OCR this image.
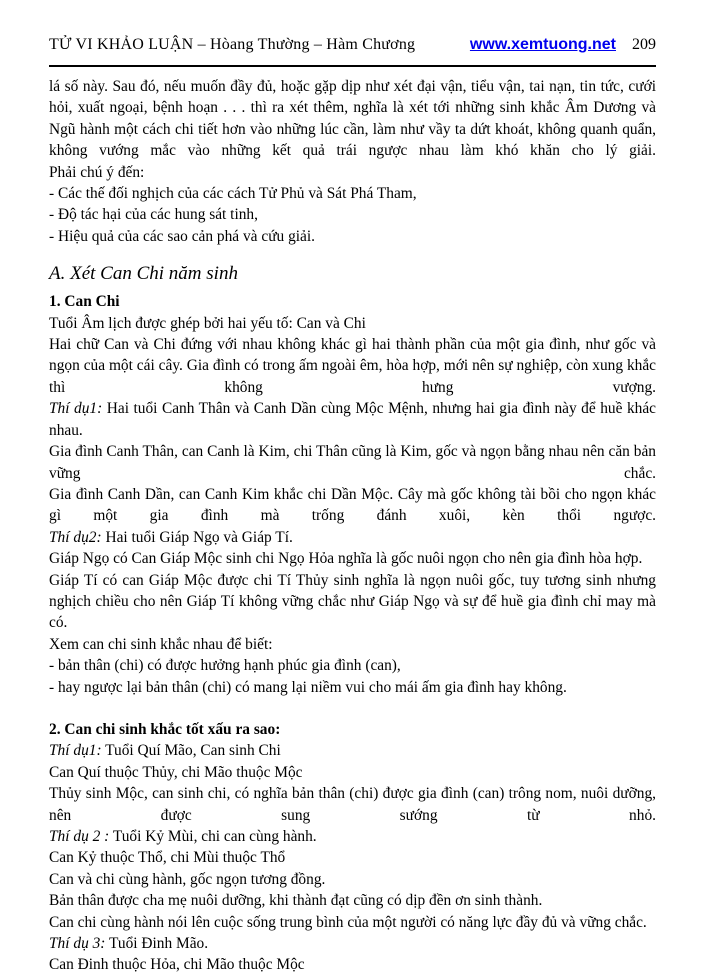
TỬ VI KHẢO LUẬN – Hòang Thường – Hàm Chương	www.xemtuong.net 209

lá số này. Sau đó, nếu muốn đầy đủ, hoặc gặp dịp như xét đại vận, tiểu vận, tai nạn, tin tức, cưới hỏi, xuất ngoại, bệnh hoạn . . . thì ra xét thêm, nghĩa là xét tới những sinh khắc Âm Dương và Ngũ hành một cách chi tiết hơn vào những lúc cần, làm như vầy ta dứt khoát, không quanh quẩn, không vướng mắc vào những kết quả trái ngược nhau làm khó khăn cho lý giải.

Phải chú ý đến:

- Các thế đối nghịch của các cách Tử Phủ và Sát Phá Tham,

- Độ tác hại của các hung sát tinh,

- Hiệu quả của các sao cản phá và cứu giải.

A. Xét Can Chi năm sinh

1. Can Chi

Tuổi Âm lịch được ghép bởi hai yếu tố: Can và Chi

Hai chữ Can và Chi đứng với nhau không khác gì hai thành phần của một gia đình, như gốc và ngọn của một cái cây. Gia đình có trong ấm ngoài êm, hòa hợp, mới nên sự nghiệp, còn xung khắc thì không hưng vượng.

Thí dụ1: Hai tuổi Canh Thân và Canh Dần cùng Mộc Mệnh, nhưng hai gia đình này để huề khác nhau.

Gia đình Canh Thân, can Canh là Kim, chi Thân cũng là Kim, gốc và ngọn bằng nhau nên căn bản vững chắc.

Gia đình Canh Dần, can Canh Kim khắc chi Dần Mộc. Cây mà gốc không tài bồi cho ngọn khác gì một gia đình mà trống đánh xuôi, kèn thổi ngược.

Thí dụ2: Hai tuổi Giáp Ngọ và Giáp Tí.

Giáp Ngọ có Can Giáp Mộc sinh chi Ngọ Hỏa nghĩa là gốc nuôi ngọn cho nên gia đình hòa hợp.

Giáp Tí có can Giáp Mộc được chi Tí Thủy sinh nghĩa là ngọn nuôi gốc, tuy tương sinh nhưng nghịch chiều cho nên Giáp Tí không vững chắc như Giáp Ngọ và sự để huề gia đình chỉ may mà có.

Xem can chi sinh khắc nhau để biết:

- bản thân (chi) có được hưởng hạnh phúc gia đình (can),

- hay ngược lại bản thân (chi) có mang lại niềm vui cho mái ấm gia đình hay không.

2. Can chi sinh khắc tốt xấu ra sao:

Thí dụ1: Tuổi Quí Mão, Can sinh Chi

Can Quí thuộc Thủy, chi Mão thuộc Mộc

Thủy sinh Mộc, can sinh chi, có nghĩa bản thân (chi) được gia đình (can) trông nom, nuôi dưỡng, nên được sung sướng từ nhỏ.

Thí dụ 2 : Tuổi Kỷ Mùi, chi can cùng hành.

Can Kỷ thuộc Thổ, chi Mùi thuộc Thổ

Can và chi cùng hành, gốc ngọn tương đồng.

Bản thân được cha mẹ nuôi dưỡng, khi thành đạt cũng có dịp đền ơn sinh thành.

Can chi cùng hành nói lên cuộc sống trung bình của một người có năng lực đầy đủ và vững chắc.

Thí dụ 3: Tuổi Đinh Mão.

Can Đinh thuộc Hỏa, chi Mão thuộc Mộc
